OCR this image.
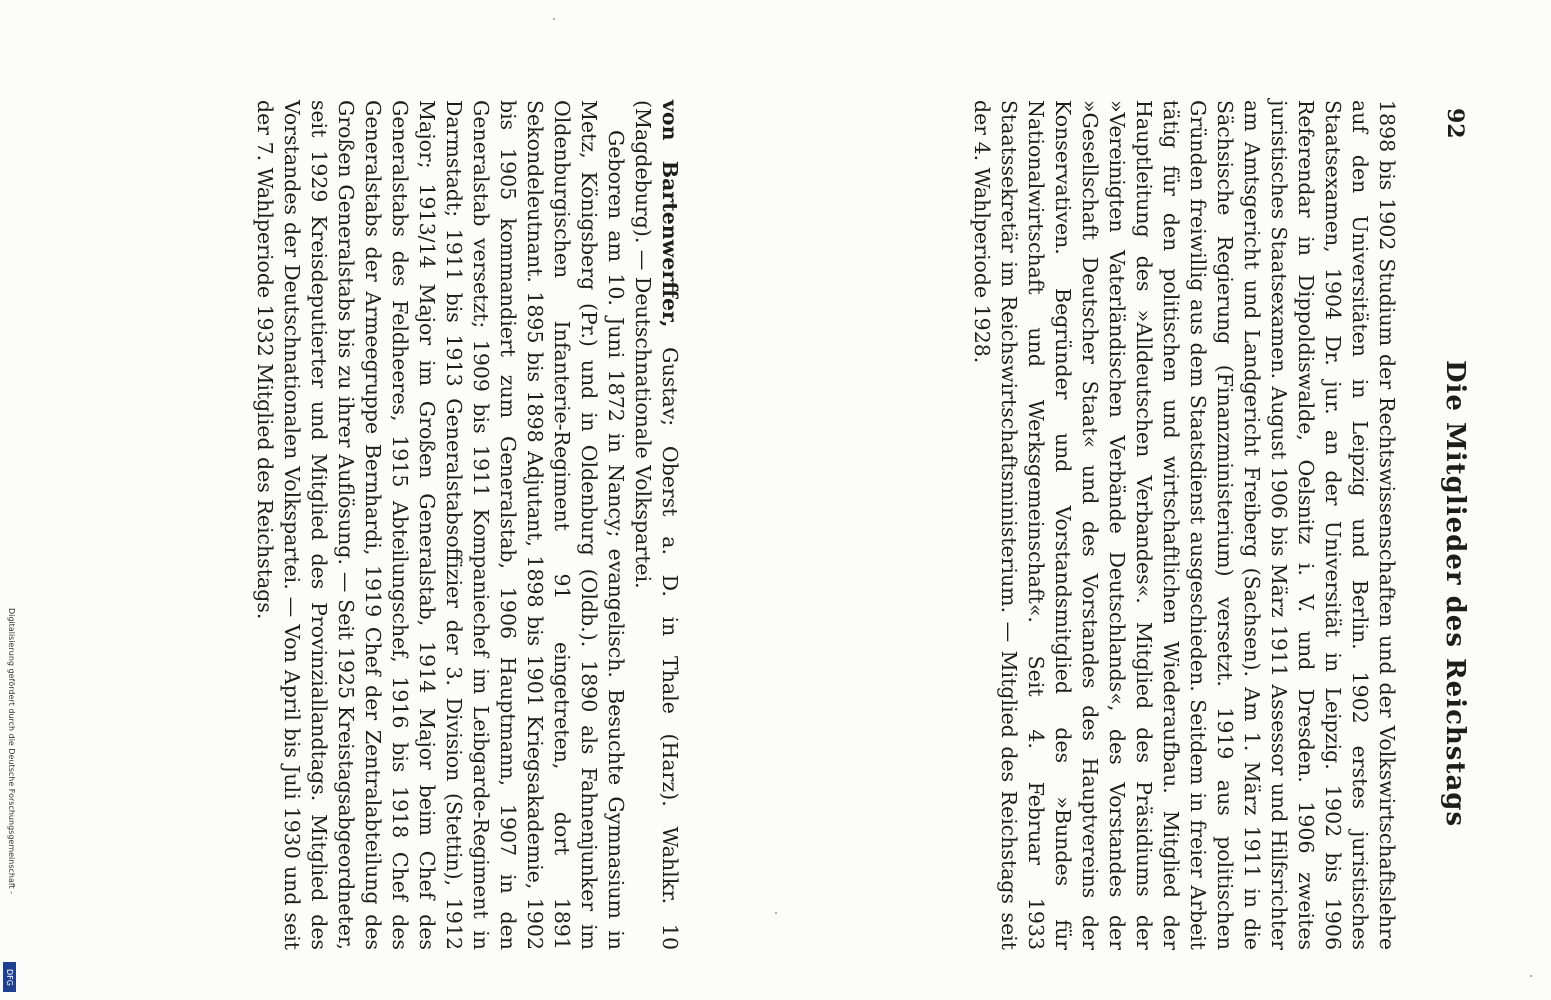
92
Die Mitglieder des Reichstags

1898 bis 1902 Studium der Rechtswissenschaften und der Volkswirtschaftslehre auf den Universitäten in Leipzig und Berlin. 1902 erstes juristisches Staatsexamen, 1904 Dr. jur. an der Universität in Leipzig. 1902 bis 1906 Referendar in Dippoldiswalde, Oelsnitz i. V. und Dresden. 1906 zweites juristisches Staatsexamen. August 1906 bis März 1911 Assessor und Hilfsrichter am Amtsgericht und Landgericht Freiberg (Sachsen). Am 1. März 1911 in die Sächsische Regierung (Finanzministerium) versetzt. 1919 aus politischen Gründen freiwillig aus dem Staatsdienst ausgeschieden. Seitdem in freier Arbeit tätig für den politischen und wirtschaftlichen Wiederaufbau. Mitglied der Hauptleitung des »Alldeutschen Verbandes«. Mitglied des Präsidiums der »Vereinigten Vaterländischen Verbände Deutschlands«, des Vorstandes der »Gesellschaft Deutscher Staat« und des Vorstandes des Hauptvereins der Konservativen. Begründer und Vorstandsmitglied des »Bundes für Nationalwirtschaft und Werksgemeinschaft«. Seit 4. Februar 1933 Staatssekretär im Reichswirtschaftsministerium. — Mitglied des Reichstags seit der 4. Wahlperiode 1928.

von Bartenwerffer, Gustav; Oberst a. D. in Thale (Harz). Wahlkr. 10 (Magdeburg). — Deutschnationale Volkspartei.

Geboren am 10. Juni 1872 in Nancy; evangelisch. Besuchte Gymnasium in Metz, Königsberg (Pr.) und in Oldenburg (Oldb.). 1890 als Fahnenjunker im Oldenburgischen Infanterie-Regiment 91 eingetreten, dort 1891 Sekondeleutnant. 1895 bis 1898 Adjutant, 1898 bis 1901 Kriegsakademie, 1902 bis 1905 kommandiert zum Generalstab, 1906 Hauptmann, 1907 in den Generalstab versetzt; 1909 bis 1911 Kompaniechef im Leibgarde-Regiment in Darmstadt; 1911 bis 1913 Generalstabsoffizier der 3. Division (Stettin), 1912 Major; 1913/14 Major im Großen Generalstab, 1914 Major beim Chef des Generalstabs des Feldheeres, 1915 Abteilungschef, 1916 bis 1918 Chef des Generalstabs der Armeegruppe Bernhardi, 1919 Chef der Zentralabteilung des Großen Generalstabs bis zu ihrer Auflösung. — Seit 1925 Kreistagsabgeordneter, seit 1929 Kreisdeputierter und Mitglied des Provinziallandtags. Mitglied des Vorstandes der Deutschnationalen Volkspartei. — Von April bis Juli 1930 und seit der 7. Wahlperiode 1932 Mitglied des Reichstags.

Digitalisierung gefördert durch die Deutsche Forschungsgemeinschaft -
DFG
